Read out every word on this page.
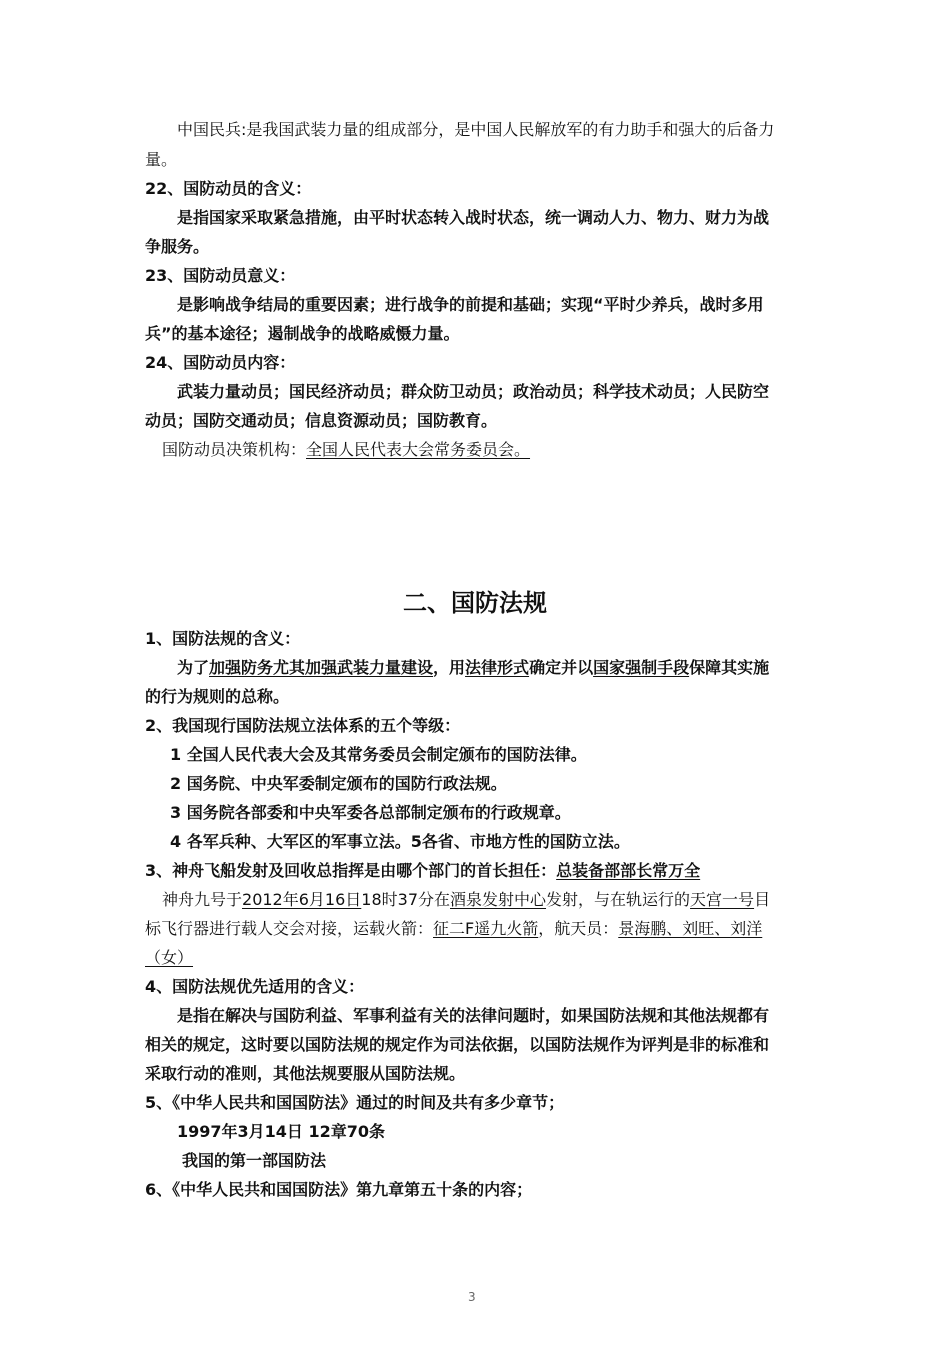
中国民兵:是我国武装力量的组成部分，是中国人民解放军的有力助手和强大的后备力
量。
22、国防动员的含义：
是指国家采取紧急措施，由平时状态转入战时状态，统一调动人力、物力、财力为战
争服务。
23、国防动员意义：
是影响战争结局的重要因素；进行战争的前提和基础；实现“平时少养兵，战时多用
兵”的基本途径；遏制战争的战略威慑力量。
24、国防动员内容：
武装力量动员；国民经济动员；群众防卫动员；政治动员；科学技术动员；人民防空
动员；国防交通动员；信息资源动员；国防教育。
国防动员决策机构：全国人民代表大会常务委员会。
二、国防法规
1、国防法规的含义：
为了加强防务尤其加强武装力量建设，用法律形式确定并以国家强制手段保障其实施
的行为规则的总称。
2、我国现行国防法规立法体系的五个等级：
1 全国人民代表大会及其常务委员会制定颁布的国防法律。
2 国务院、中央军委制定颁布的国防行政法规。
3 国务院各部委和中央军委各总部制定颁布的行政规章。
4 各军兵种、大军区的军事立法。5各省、市地方性的国防立法。
3、神舟飞船发射及回收总指挥是由哪个部门的首长担任：总装备部部长常万全
神舟九号于2012年6月16日18时37分在酒泉发射中心发射，与在轨运行的天宫一号目
标飞行器进行载人交会对接，运载火箭：征二F遥九火箭，航天员：景海鹏、刘旺、刘洋
（女）
4、国防法规优先适用的含义：
是指在解决与国防利益、军事利益有关的法律问题时，如果国防法规和其他法规都有
相关的规定，这时要以国防法规的规定作为司法依据，以国防法规作为评判是非的标准和
采取行动的准则，其他法规要服从国防法规。
5、《中华人民共和国国防法》通过的时间及共有多少章节；
1997年3月14日 12章70条
我国的第一部国防法
6、《中华人民共和国国防法》第九章第五十条的内容；
3
